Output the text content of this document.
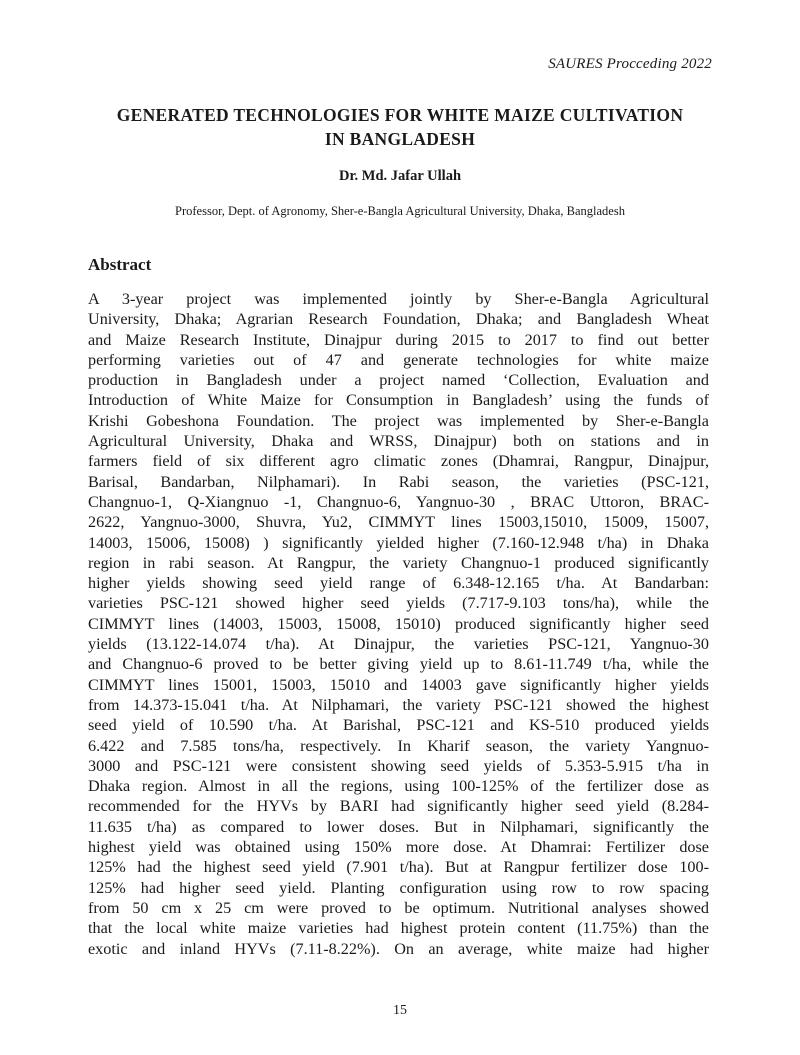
SAURES Procceding 2022
GENERATED TECHNOLOGIES FOR WHITE MAIZE CULTIVATION
IN BANGLADESH
Dr. Md. Jafar Ullah
Professor, Dept. of Agronomy, Sher-e-Bangla Agricultural University, Dhaka, Bangladesh
Abstract
A 3-year project was implemented jointly by Sher-e-Bangla Agricultural
University, Dhaka; Agrarian Research Foundation, Dhaka; and Bangladesh Wheat
and Maize Research Institute, Dinajpur during 2015 to 2017 to find out better
performing varieties out of 47 and generate technologies for white maize
production in Bangladesh under a project named ‘Collection, Evaluation and
Introduction of White Maize for Consumption in Bangladesh’ using the funds of
Krishi Gobeshona Foundation. The project was implemented by Sher-e-Bangla
Agricultural University, Dhaka and WRSS, Dinajpur) both on stations and in
farmers field of six different agro climatic zones (Dhamrai, Rangpur, Dinajpur,
Barisal, Bandarban, Nilphamari). In Rabi season, the varieties (PSC-121,
Changnuo-1, Q-Xiangnuo -1, Changnuo-6, Yangnuo-30 , BRAC Uttoron, BRAC-
2622, Yangnuo-3000, Shuvra, Yu2, CIMMYT lines 15003,15010, 15009, 15007,
14003, 15006, 15008) ) significantly yielded higher (7.160-12.948 t/ha) in Dhaka
region in rabi season. At Rangpur, the variety Changnuo-1 produced significantly
higher yields showing seed yield range of 6.348-12.165 t/ha. At Bandarban:
varieties PSC-121 showed higher seed yields (7.717-9.103 tons/ha), while the
CIMMYT lines (14003, 15003, 15008, 15010) produced significantly higher seed
yields (13.122-14.074 t/ha). At Dinajpur, the varieties PSC-121, Yangnuo-30
and Changnuo-6 proved to be better giving yield up to 8.61-11.749 t/ha, while the
CIMMYT lines 15001, 15003, 15010 and 14003 gave significantly higher yields
from 14.373-15.041 t/ha. At Nilphamari, the variety PSC-121 showed the highest
seed yield of 10.590 t/ha. At Barishal, PSC-121 and KS-510 produced yields
6.422 and 7.585 tons/ha, respectively. In Kharif season, the variety Yangnuo-
3000 and PSC-121 were consistent showing seed yields of 5.353-5.915 t/ha in
Dhaka region. Almost in all the regions, using 100-125% of the fertilizer dose as
recommended for the HYVs by BARI had significantly higher seed yield (8.284-
11.635 t/ha) as compared to lower doses. But in Nilphamari, significantly the
highest yield was obtained using 150% more dose. At Dhamrai: Fertilizer dose
125% had the highest seed yield (7.901 t/ha). But at Rangpur fertilizer dose 100-
125% had higher seed yield. Planting configuration using row to row spacing
from 50 cm x 25 cm were proved to be optimum. Nutritional analyses showed
that the local white maize varieties had highest protein content (11.75%) than the
exotic and inland HYVs (7.11-8.22%). On an average, white maize had higher
15
